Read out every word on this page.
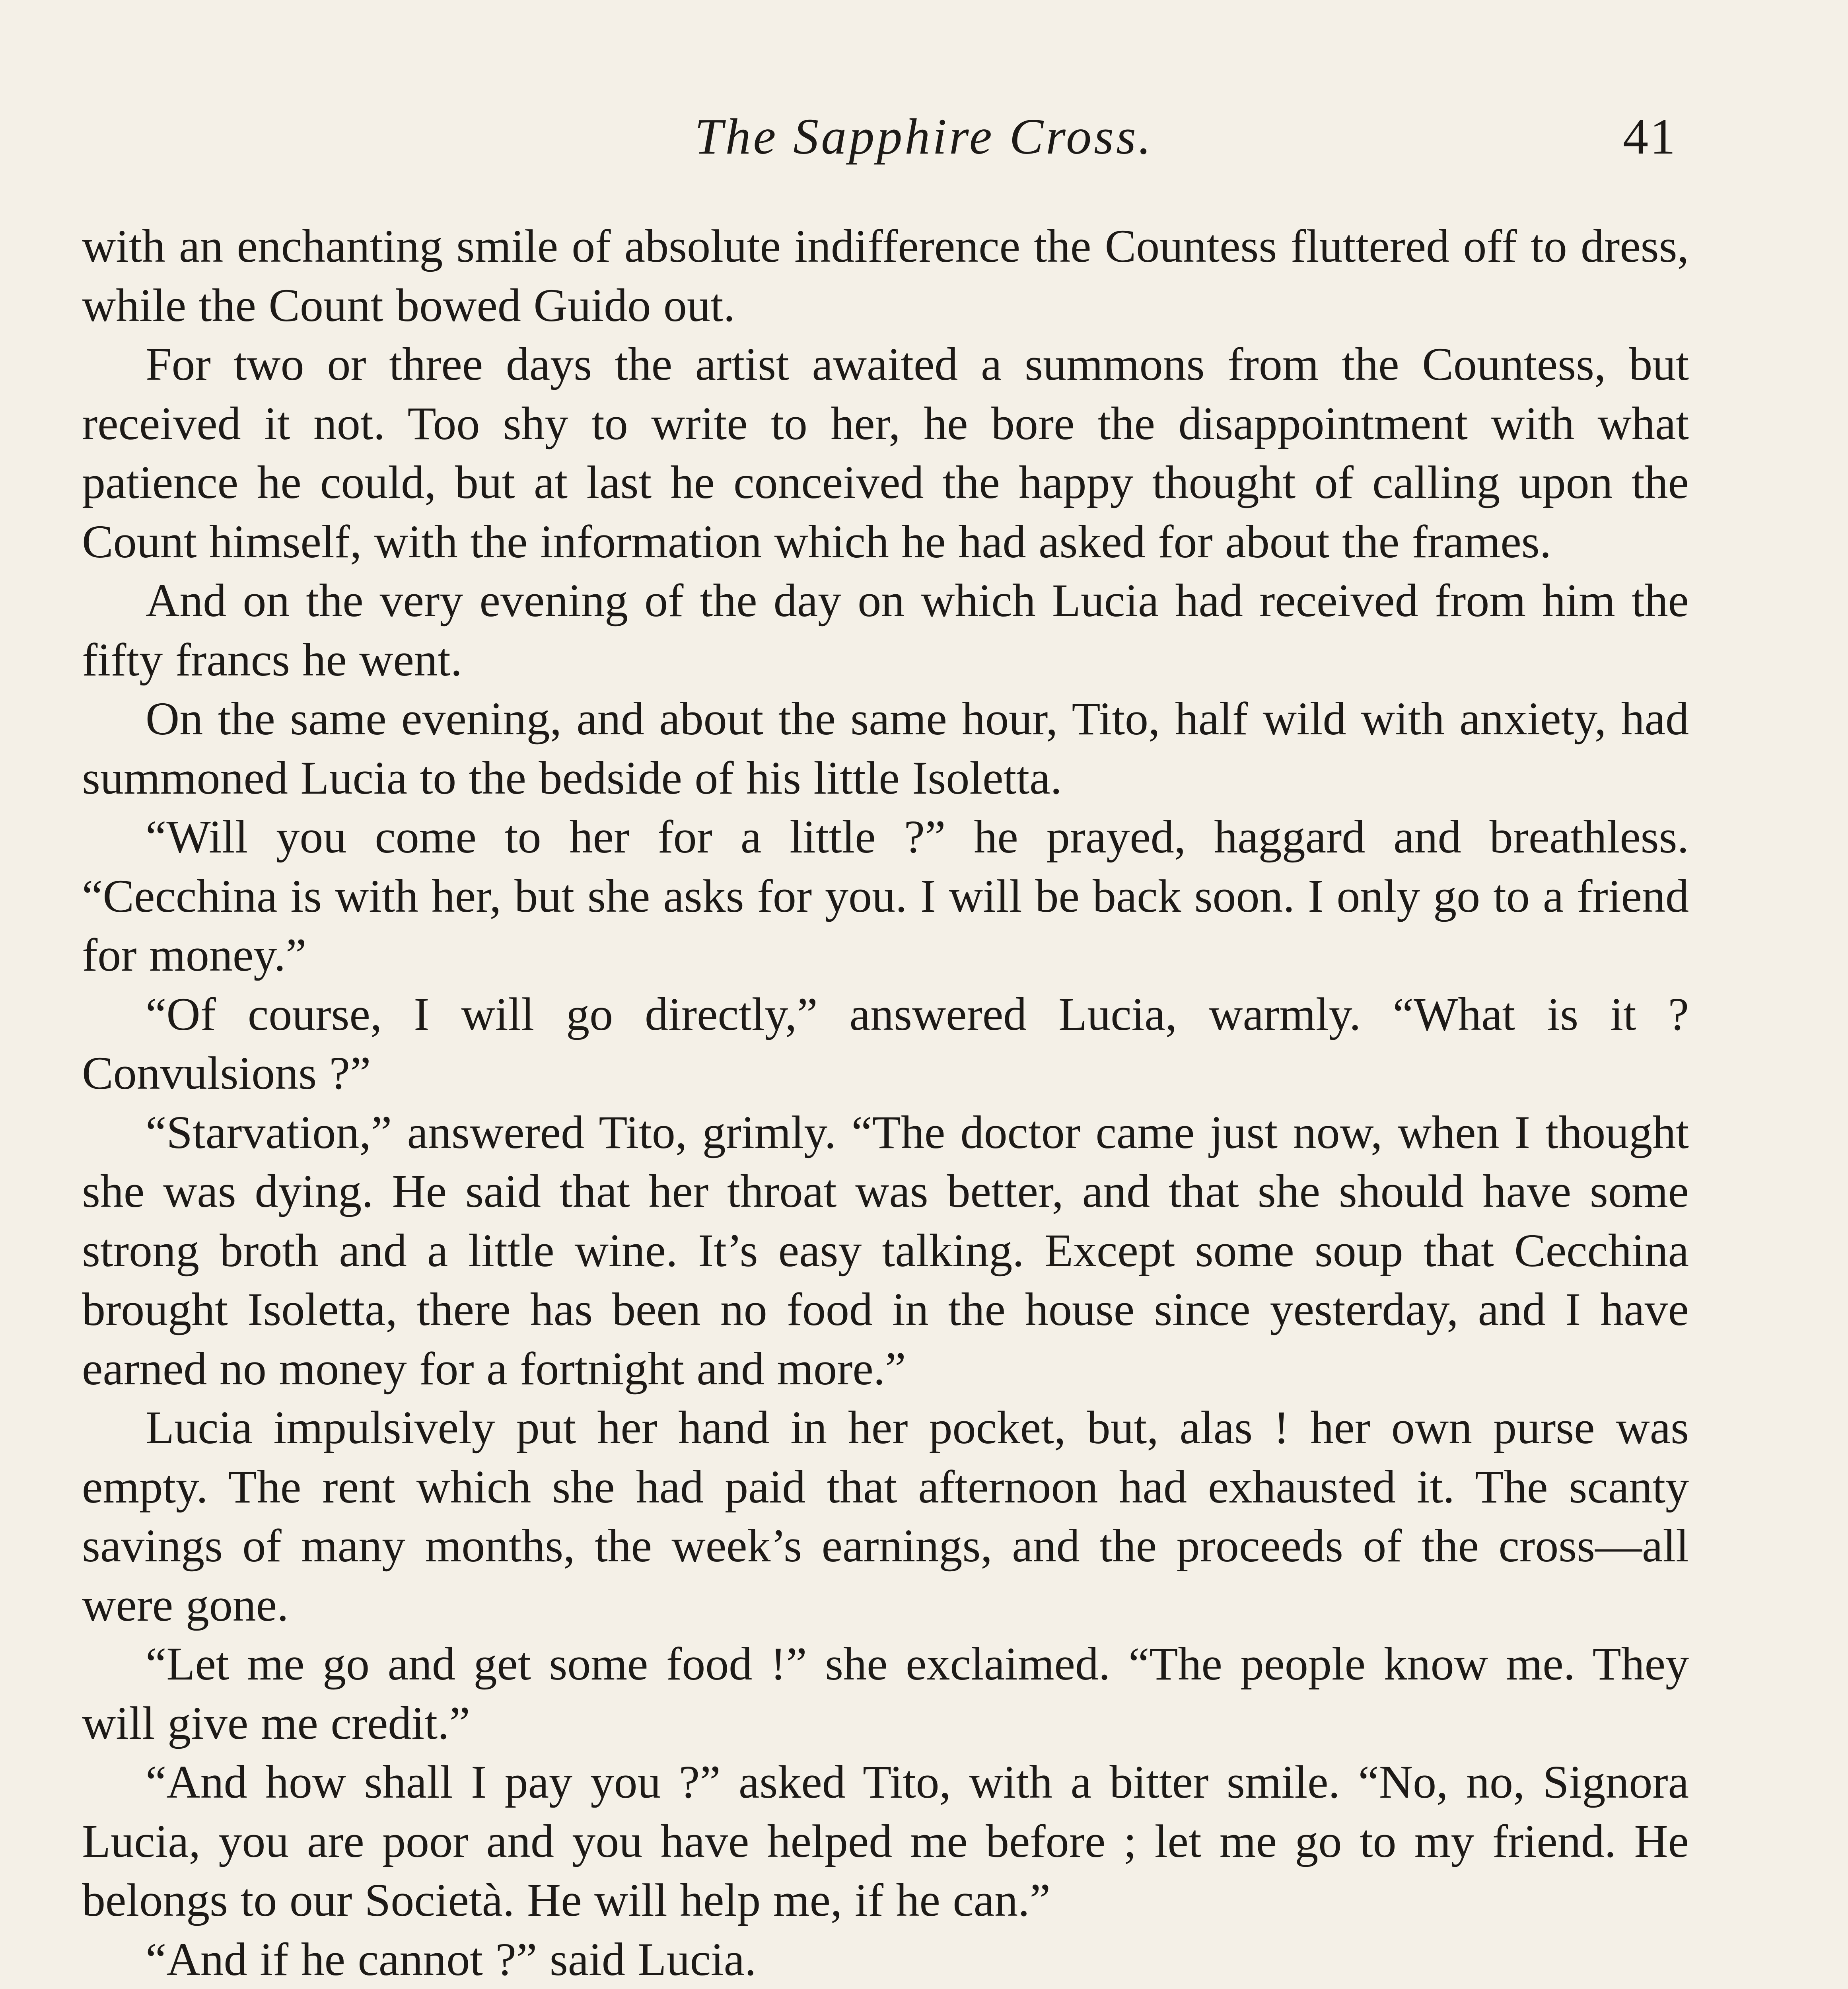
The Sapphire Cross.	41

with an enchanting smile of absolute indifference the Countess fluttered off to dress, while the Count bowed Guido out.

For two or three days the artist awaited a summons from the Countess, but received it not. Too shy to write to her, he bore the disappointment with what patience he could, but at last he conceived the happy thought of calling upon the Count himself, with the information which he had asked for about the frames.

And on the very evening of the day on which Lucia had received from him the fifty francs he went.

On the same evening, and about the same hour, Tito, half wild with anxiety, had summoned Lucia to the bedside of his little Isoletta.

“Will you come to her for a little ?” he prayed, haggard and breathless. “Cecchina is with her, but she asks for you. I will be back soon. I only go to a friend for money.”

“Of course, I will go directly,” answered Lucia, warmly. “What is it ? Convulsions ?”

“Starvation,” answered Tito, grimly. “The doctor came just now, when I thought she was dying. He said that her throat was better, and that she should have some strong broth and a little wine. It’s easy talking. Except some soup that Cecchina brought Isoletta, there has been no food in the house since yesterday, and I have earned no money for a fortnight and more.”

Lucia impulsively put her hand in her pocket, but, alas ! her own purse was empty. The rent which she had paid that afternoon had exhausted it. The scanty savings of many months, the week’s earnings, and the proceeds of the cross—all were gone.

“Let me go and get some food !” she exclaimed. “The people know me. They will give me credit.”

“And how shall I pay you ?” asked Tito, with a bitter smile. “No, no, Signora Lucia, you are poor and you have helped me before ; let me go to my friend. He belongs to our Società. He will help me, if he can.”

“And if he cannot ?” said Lucia.
